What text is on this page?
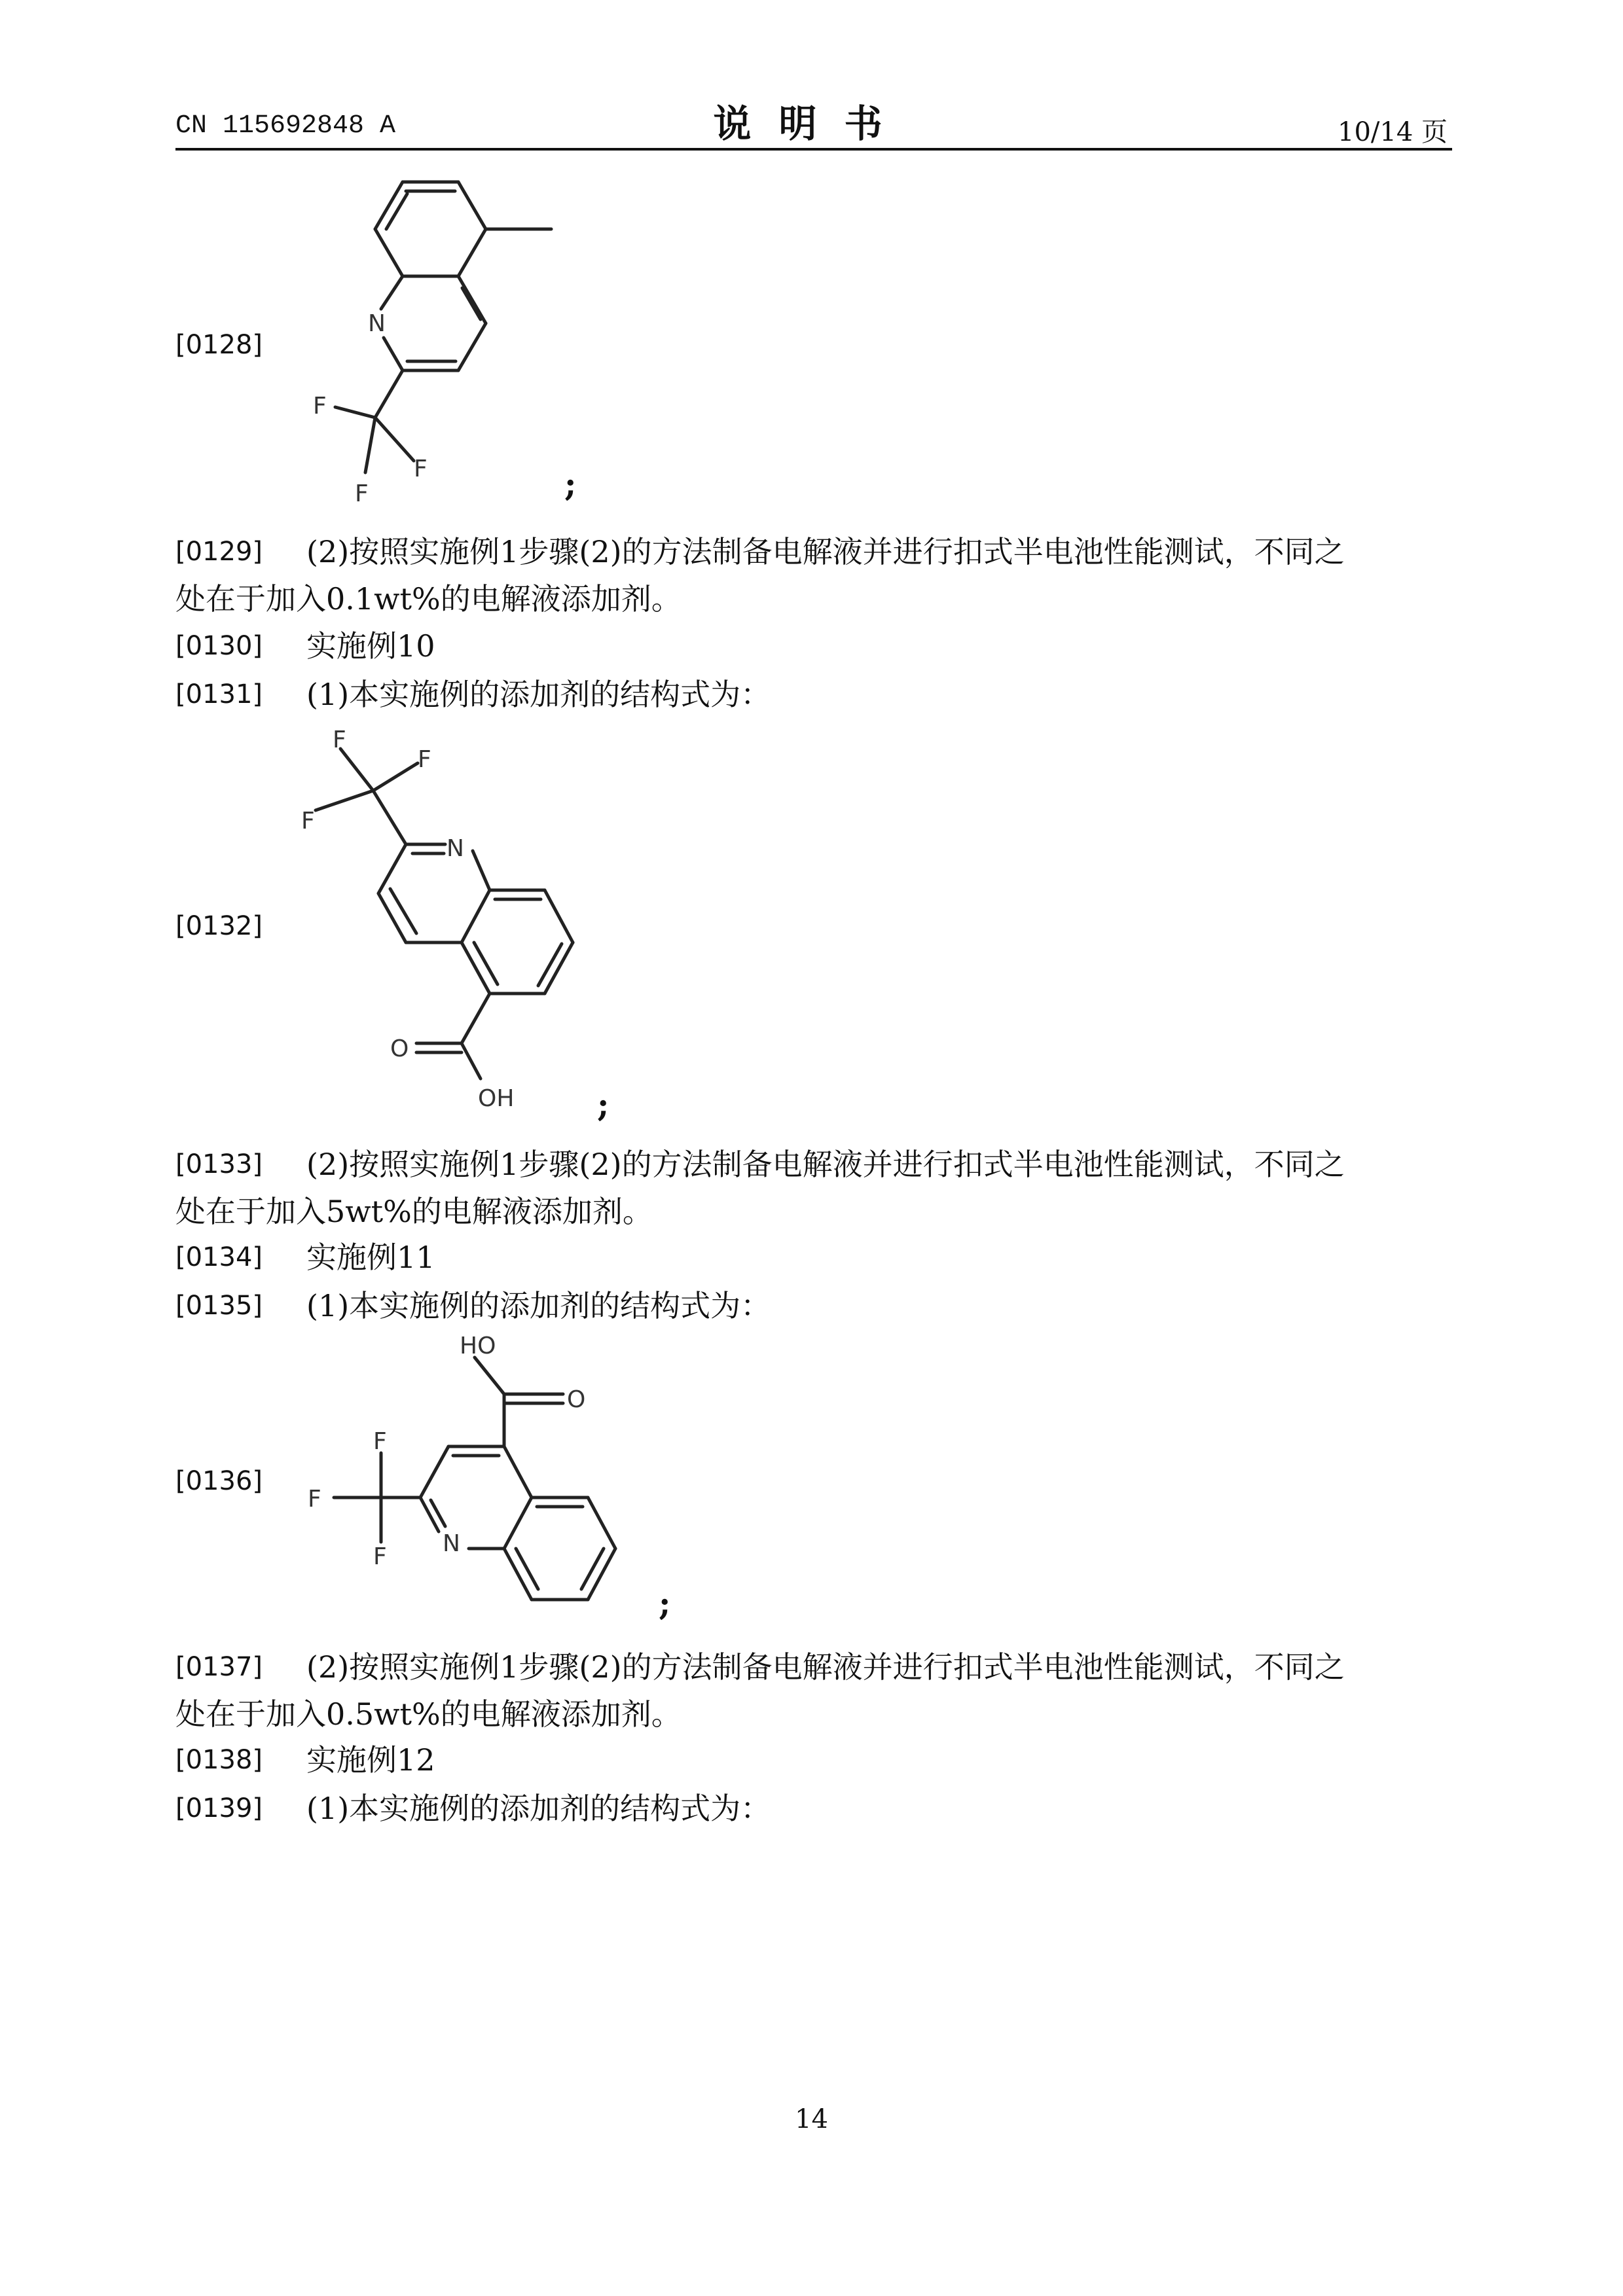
CN 115692848 A	说明书	10/14 页
[0128]
N
F
F
F	;
[0129] (2)按照实施例1步骤(2)的方法制备电解液并进行扣式半电池性能测试，不同之
处在于加入0.1wt%的电解液添加剂。
[0130] 实施例10
[0131] (1)本实施例的添加剂的结构式为：
[0132]
F
F
F
N
O
OH	;
[0133] (2)按照实施例1步骤(2)的方法制备电解液并进行扣式半电池性能测试，不同之
处在于加入5wt%的电解液添加剂。
[0134] 实施例11
[0135] (1)本实施例的添加剂的结构式为：
[0136]
HO
O
F
F
F N
;
[0137] (2)按照实施例1步骤(2)的方法制备电解液并进行扣式半电池性能测试，不同之
处在于加入0.5wt%的电解液添加剂。
[0138] 实施例12
[0139] (1)本实施例的添加剂的结构式为：
14
